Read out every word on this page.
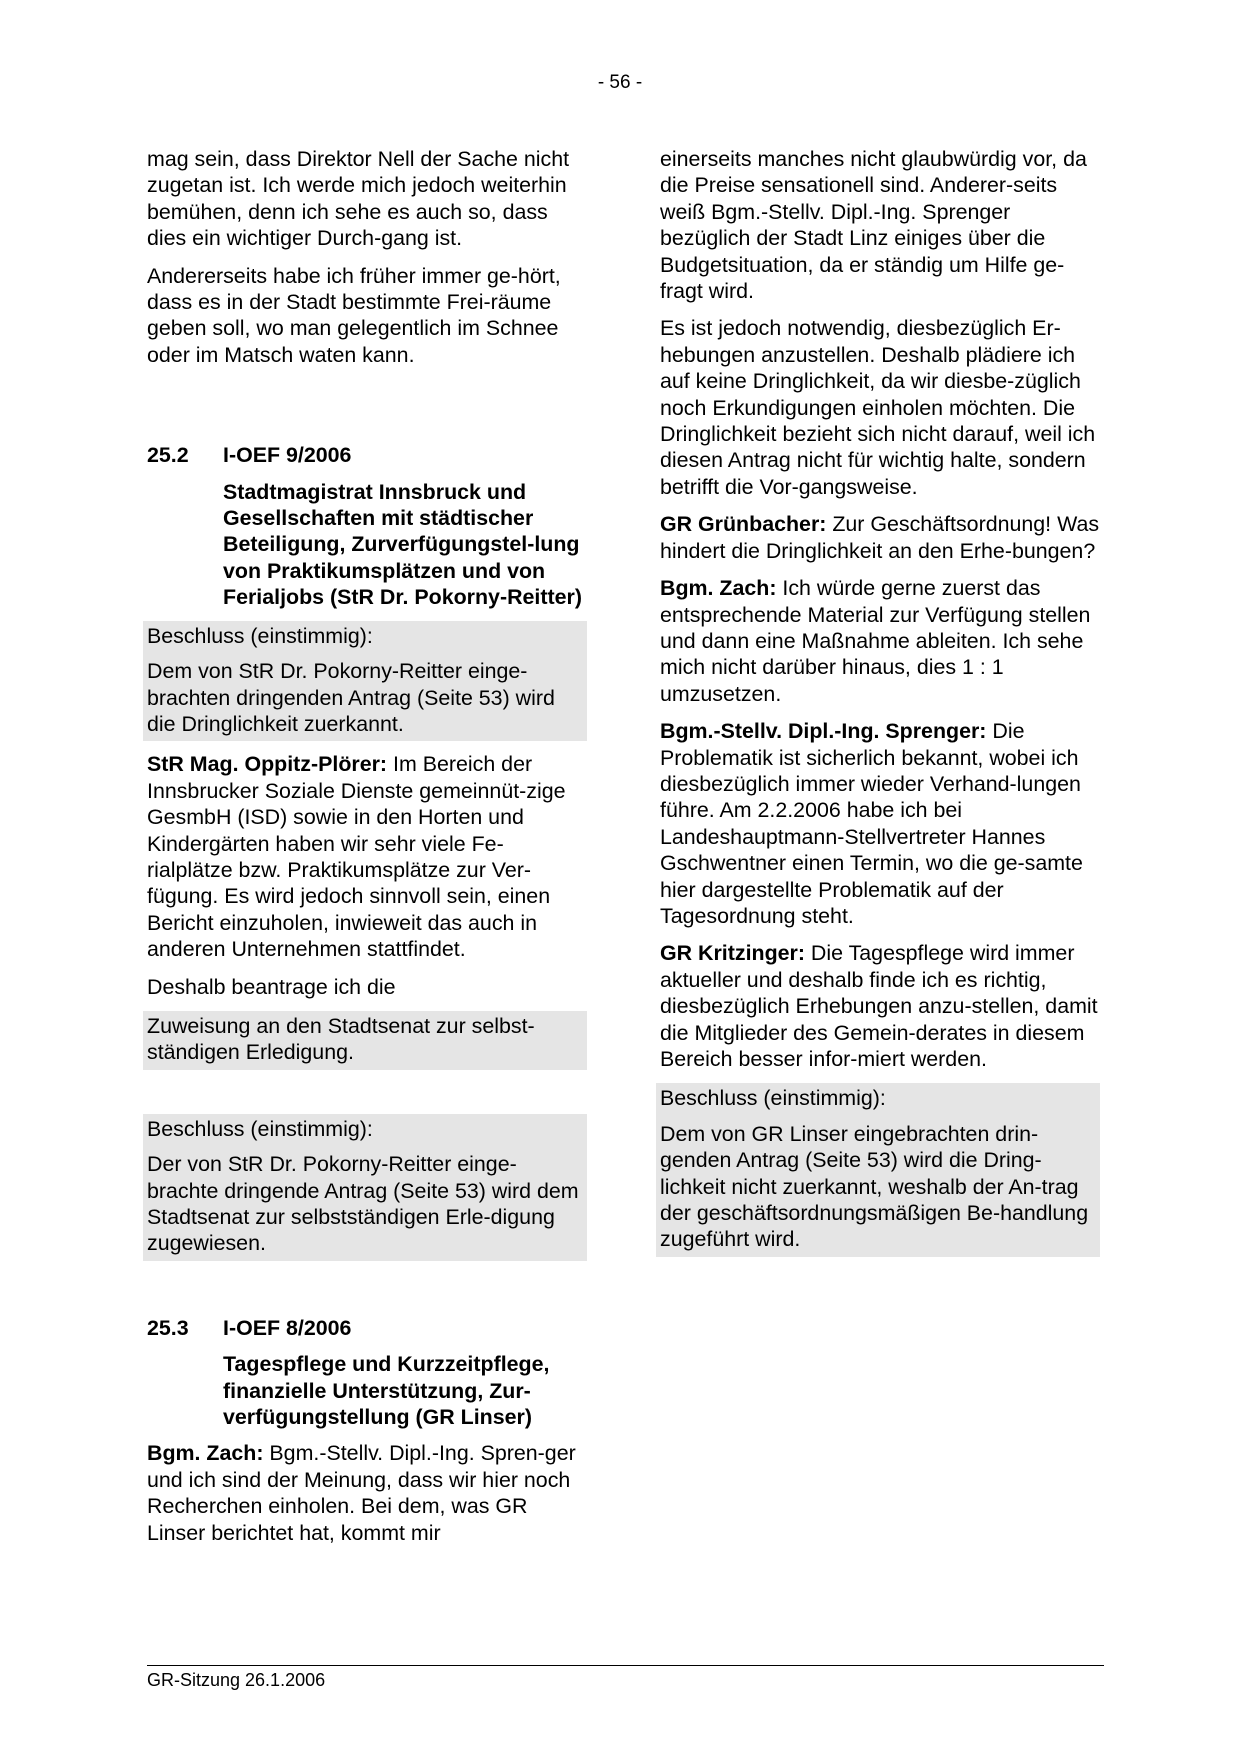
- 56 -

mag sein, dass Direktor Nell der Sache nicht zugetan ist. Ich werde mich jedoch weiterhin bemühen, denn ich sehe es auch so, dass dies ein wichtiger Durch-gang ist.

Andererseits habe ich früher immer ge-hört, dass es in der Stadt bestimmte Frei-räume geben soll, wo man gelegentlich im Schnee oder im Matsch waten kann.

25.2	I-OEF 9/2006
Stadtmagistrat Innsbruck und Gesellschaften mit städtischer Beteiligung, Zurverfügungstel-lung von Praktikumsplätzen und von Ferialjobs (StR Dr. Pokorny-Reitter)

Beschluss (einstimmig):

Dem von StR Dr. Pokorny-Reitter einge-brachten dringenden Antrag (Seite 53) wird die Dringlichkeit zuerkannt.

StR Mag. Oppitz-Plörer: Im Bereich der Innsbrucker Soziale Dienste gemeinnüt-zige GesmbH (ISD) sowie in den Horten und Kindergärten haben wir sehr viele Fe-rialplätze bzw. Praktikumsplätze zur Ver-fügung. Es wird jedoch sinnvoll sein, einen Bericht einzuholen, inwieweit das auch in anderen Unternehmen stattfindet.

Deshalb beantrage ich die

Zuweisung an den Stadtsenat zur selbst-ständigen Erledigung.

Beschluss (einstimmig):

Der von StR Dr. Pokorny-Reitter einge-brachte dringende Antrag (Seite 53) wird dem Stadtsenat zur selbstständigen Erle-digung zugewiesen.

25.3	I-OEF 8/2006
Tagespflege und Kurzzeitpflege, finanzielle Unterstützung, Zur-verfügungstellung (GR Linser)

Bgm. Zach: Bgm.-Stellv. Dipl.-Ing. Spren-ger und ich sind der Meinung, dass wir hier noch Recherchen einholen. Bei dem, was GR Linser berichtet hat, kommt mir

einerseits manches nicht glaubwürdig vor, da die Preise sensationell sind. Anderer-seits weiß Bgm.-Stellv. Dipl.-Ing. Sprenger bezüglich der Stadt Linz einiges über die Budgetsituation, da er ständig um Hilfe ge-fragt wird.

Es ist jedoch notwendig, diesbezüglich Er-hebungen anzustellen. Deshalb plädiere ich auf keine Dringlichkeit, da wir diesbe-züglich noch Erkundigungen einholen möchten. Die Dringlichkeit bezieht sich nicht darauf, weil ich diesen Antrag nicht für wichtig halte, sondern betrifft die Vor-gangsweise.

GR Grünbacher: Zur Geschäftsordnung! Was hindert die Dringlichkeit an den Erhe-bungen?

Bgm. Zach: Ich würde gerne zuerst das entsprechende Material zur Verfügung stellen und dann eine Maßnahme ableiten. Ich sehe mich nicht darüber hinaus, dies 1 : 1 umzusetzen.

Bgm.-Stellv. Dipl.-Ing. Sprenger: Die Problematik ist sicherlich bekannt, wobei ich diesbezüglich immer wieder Verhand-lungen führe. Am 2.2.2006 habe ich bei Landeshauptmann-Stellvertreter Hannes Gschwentner einen Termin, wo die ge-samte hier dargestellte Problematik auf der Tagesordnung steht.

GR Kritzinger: Die Tagespflege wird immer aktueller und deshalb finde ich es richtig, diesbezüglich Erhebungen anzu-stellen, damit die Mitglieder des Gemein-derates in diesem Bereich besser infor-miert werden.

Beschluss (einstimmig):

Dem von GR Linser eingebrachten drin-genden Antrag (Seite 53) wird die Dring-lichkeit nicht zuerkannt, weshalb der An-trag der geschäftsordnungsmäßigen Be-handlung zugeführt wird.

GR-Sitzung 26.1.2006
